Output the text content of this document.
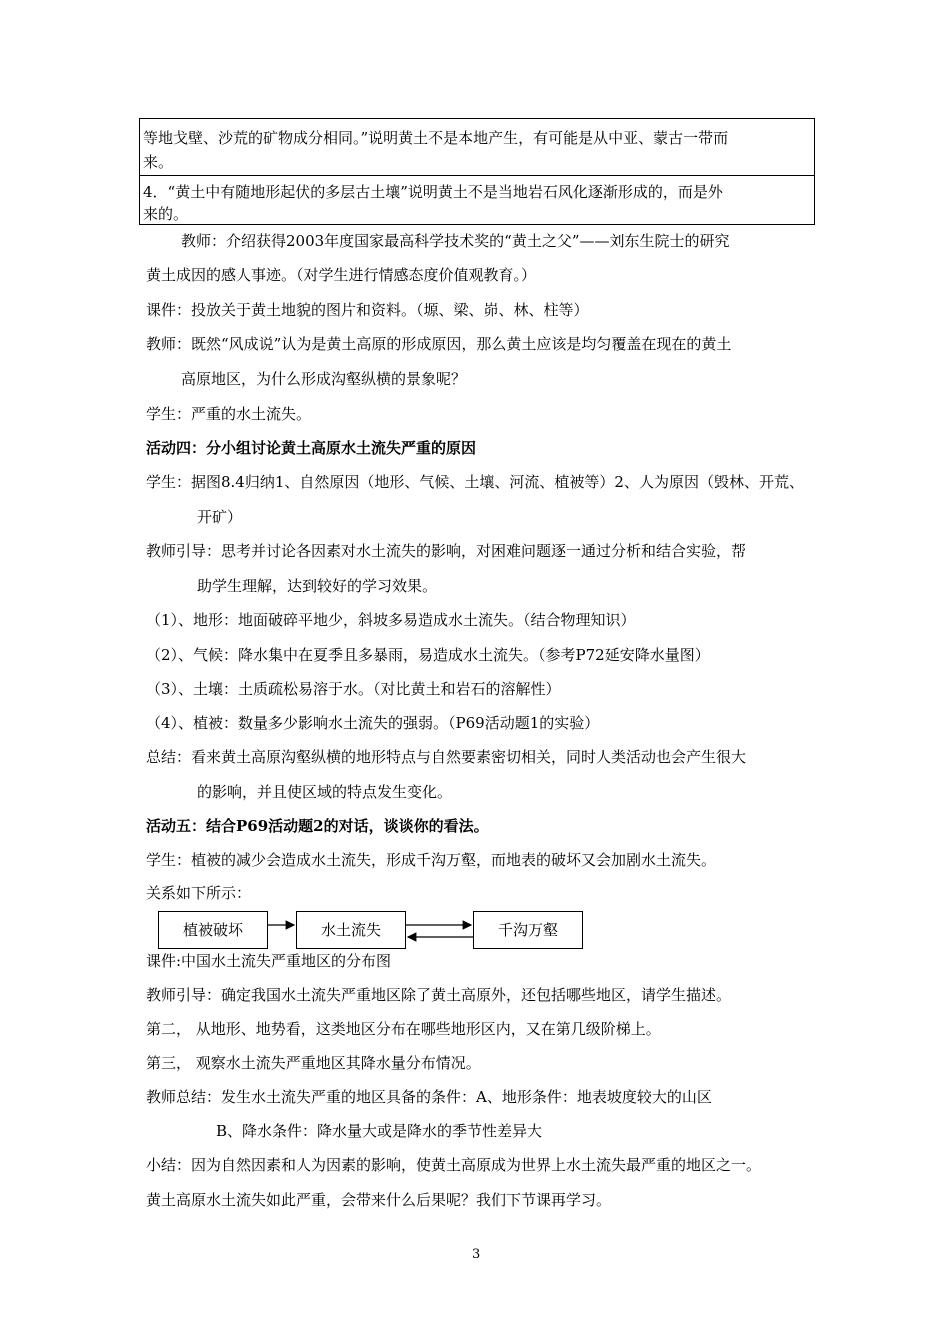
等地戈壁、沙荒的矿物成分相同。”说明黄土不是本地产生，有可能是从中亚、蒙古一带而
来。
4．“黄土中有随地形起伏的多层古土壤”说明黄土不是当地岩石风化逐渐形成的，而是外
来的。
教师：介绍获得2003年度国家最高科学技术奖的“黄土之父”——刘东生院士的研究
黄土成因的感人事迹。（对学生进行情感态度价值观教育。）
课件：投放关于黄土地貌的图片和资料。（塬、梁、峁、林、柱等）
教师：既然“风成说”认为是黄土高原的形成原因，那么黄土应该是均匀覆盖在现在的黄土
高原地区，为什么形成沟壑纵横的景象呢？
学生：严重的水土流失。
活动四：分小组讨论黄土高原水土流失严重的原因
学生：据图8.4归纳1、自然原因（地形、气候、土壤、河流、植被等）2、人为原因（毁林、开荒、
开矿）
教师引导：思考并讨论各因素对水土流失的影响，对困难问题逐一通过分析和结合实验，帮
助学生理解，达到较好的学习效果。
（1）、地形：地面破碎平地少，斜坡多易造成水土流失。（结合物理知识）
（2）、气候：降水集中在夏季且多暴雨，易造成水土流失。（参考P72延安降水量图）
（3）、土壤：土质疏松易溶于水。（对比黄土和岩石的溶解性）
（4）、植被：数量多少影响水土流失的强弱。（P69活动题1的实验）
总结：看来黄土高原沟壑纵横的地形特点与自然要素密切相关，同时人类活动也会产生很大
的影响，并且使区域的特点发生变化。
活动五：结合P69活动题2的对话，谈谈你的看法。
学生：植被的减少会造成水土流失，形成千沟万壑，而地表的破坏又会加剧水土流失。
关系如下所示：
植被破坏	水土流失	千沟万壑
课件:中国水土流失严重地区的分布图
教师引导：确定我国水土流失严重地区除了黄土高原外，还包括哪些地区，请学生描述。
第二， 从地形、地势看，这类地区分布在哪些地形区内，又在第几级阶梯上。
第三， 观察水土流失严重地区其降水量分布情况。
教师总结：发生水土流失严重的地区具备的条件：A、地形条件：地表坡度较大的山区
B、降水条件：降水量大或是降水的季节性差异大
小结：因为自然因素和人为因素的影响，使黄土高原成为世界上水土流失最严重的地区之一。
黄土高原水土流失如此严重，会带来什么后果呢？我们下节课再学习。
3
